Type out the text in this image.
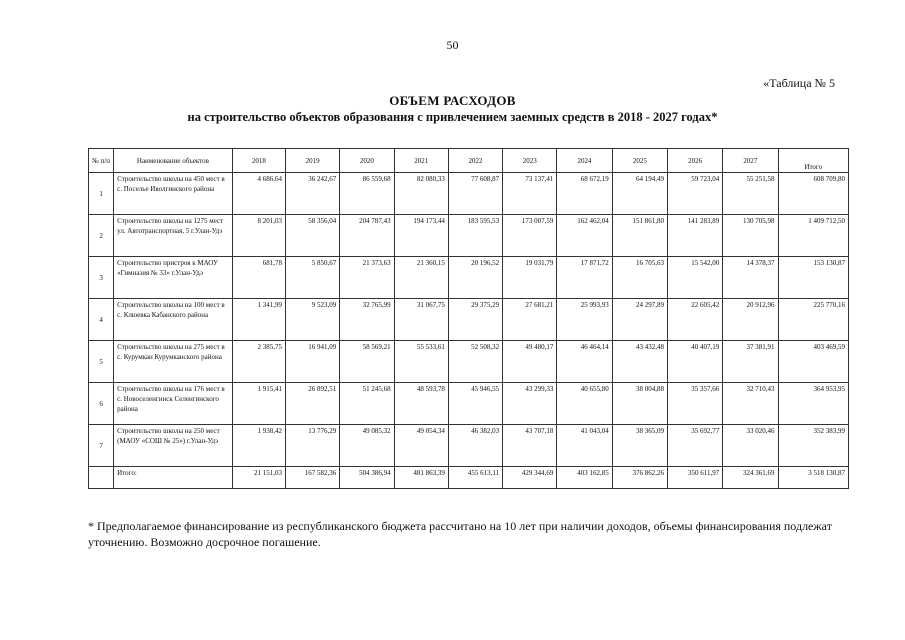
50
«Таблица № 5
ОБЪЕМ РАСХОДОВ
на строительство объектов образования с привлечением заемных средств в 2018 - 2027 годах*
№ п/п	Наименование объектов	2018	2019	2020	2021	2022	2023	2024	2025	2026	2027	Итого
1	Строительство школы на 450 мест в с. Поселье Иволгинского района	4 686,64	36 242,67	86 559,68	82 080,33	77 608,87	73 137,41	68 672,19	64 194,49	59 723,04	55 251,58	608 709,80
2	Строительство школы на 1275 мест ул. Автотранспортная, 5 г.Улан-Удэ	8 201,03	58 356,04	204 787,43	194 173,44	183 595,53	173 007,59	162 462,04	151 861,80	141 283,89	130 705,98	1 409 712,50
3	Строительство пристроя к МАОУ «Гимназия № 33» г.Улан-Удэ	681,78	5 850,67	21 373,63	21 360,15	20 196,52	19 031,79	17 871,72	16 705,63	15 542,00	14 378,37	153 130,87
4	Строительство школы на 100 мест в с. Клюевка Кабанского района	1 341,99	9 523,09	32 765,99	31 067,75	29 375,29	27 681,21	25 993,93	24 297,89	22 605,42	20 912,96	225 770,16
5	Строительство школы на 275 мест в с. Курумкан Курумканского района	2 385,75	16 941,09	58 569,21	55 533,61	52 508,32	49 480,17	46 464,14	43 432,48	40 407,19	37 381,91	403 469,59
6	Строительство школы на 176 мест в с. Новоселенгинск Селенгинского района	1 915,41	26 892,51	51 245,68	48 593,78	45 946,55	43 299,33	40 655,80	38 004,88	35 357,66	32 710,43	364 953,95
7	Строительство школы на 250 мест (МАОУ «СОШ № 25») г.Улан-Удэ	1 938,42	13 776,29	49 085,32	49 054,34	46 382,03	43 707,18	41 043,04	38 365,09	35 692,77	33 020,46	352 383,99
	Итого:	21 151,03	167 582,36	504 386,94	481 863,39	455 613,11	429 344,69	403 162,85	376 862,26	350 611,97	324 361,69	3 518 130,87
* Предполагаемое финансирование из республиканского бюджета рассчитано на 10 лет при наличии доходов, объемы финансирования подлежат уточнению. Возможно досрочное погашение.
